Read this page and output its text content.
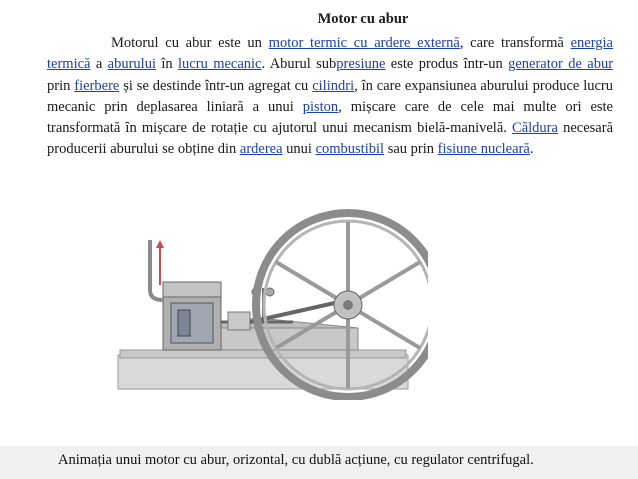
Motor cu abur

Motorul cu abur este un motor termic cu ardere externă, care transformă energia termică a aburului în lucru mecanic. Aburul subpresiune este produs într-un generator de abur prin fierbere și se destinde într-un agregat cu cilindri, în care expansiunea aburului produce lucru mecanic prin deplasarea liniară a unui piston, mișcare care de cele mai multe ori este transformată în mișcare de rotație cu ajutorul unui mecanism bielă-manivelă. Căldura necesară producerii aburului se obține din arderea unui combustibil sau prin fisiune nucleară.

Animația unui motor cu abur, orizontal, cu dublă acțiune, cu regulator centrifugal.
